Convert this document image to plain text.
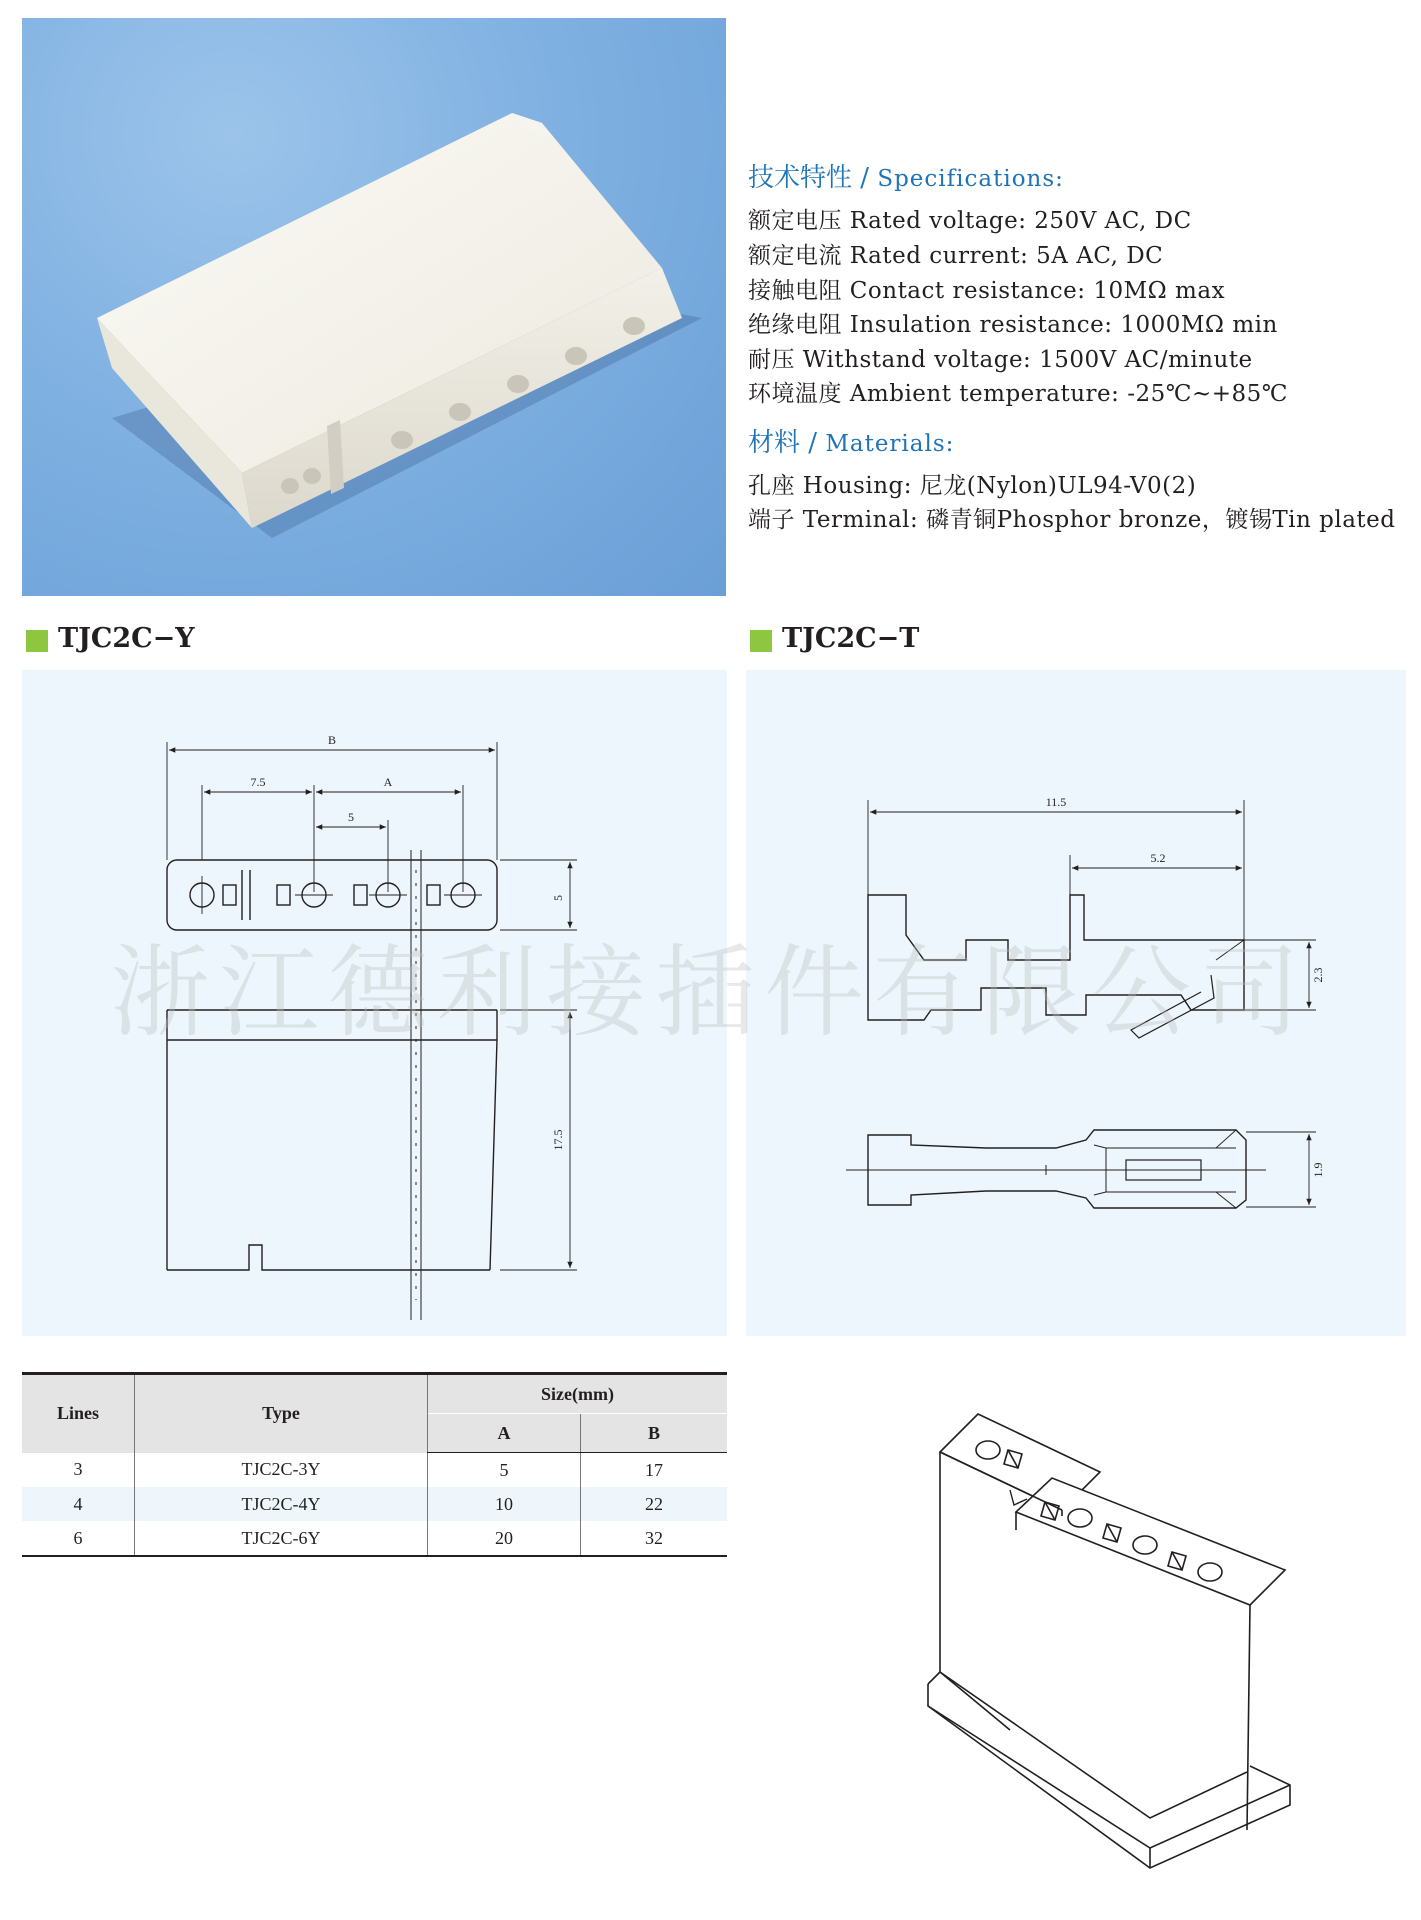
技术特性 / Specifications:
额定电压 Rated voltage: 250V AC, DC
额定电流 Rated current: 5A AC, DC
接触电阻 Contact resistance: 10MΩ max
绝缘电阻 Insulation resistance: 1000MΩ min
耐压 Withstand voltage: 1500V AC/minute
环境温度 Ambient temperature: -25℃~+85℃
材料 / Materials:
孔座 Housing: 尼龙(Nylon)UL94-V0(2)
端子 Terminal: 磷青铜Phosphor bronze，镀锡Tin plated
TJC2C−Y	TJC2C−T
B
7.5	A
5
5
17.5
11.5
5.2
2.3
1.9
浙江德利接插件有限公司
Lines	Type	Size(mm)	
		A	B
3	TJC2C-3Y	5	17
4	TJC2C-4Y	10	22
6	TJC2C-6Y	20	32
